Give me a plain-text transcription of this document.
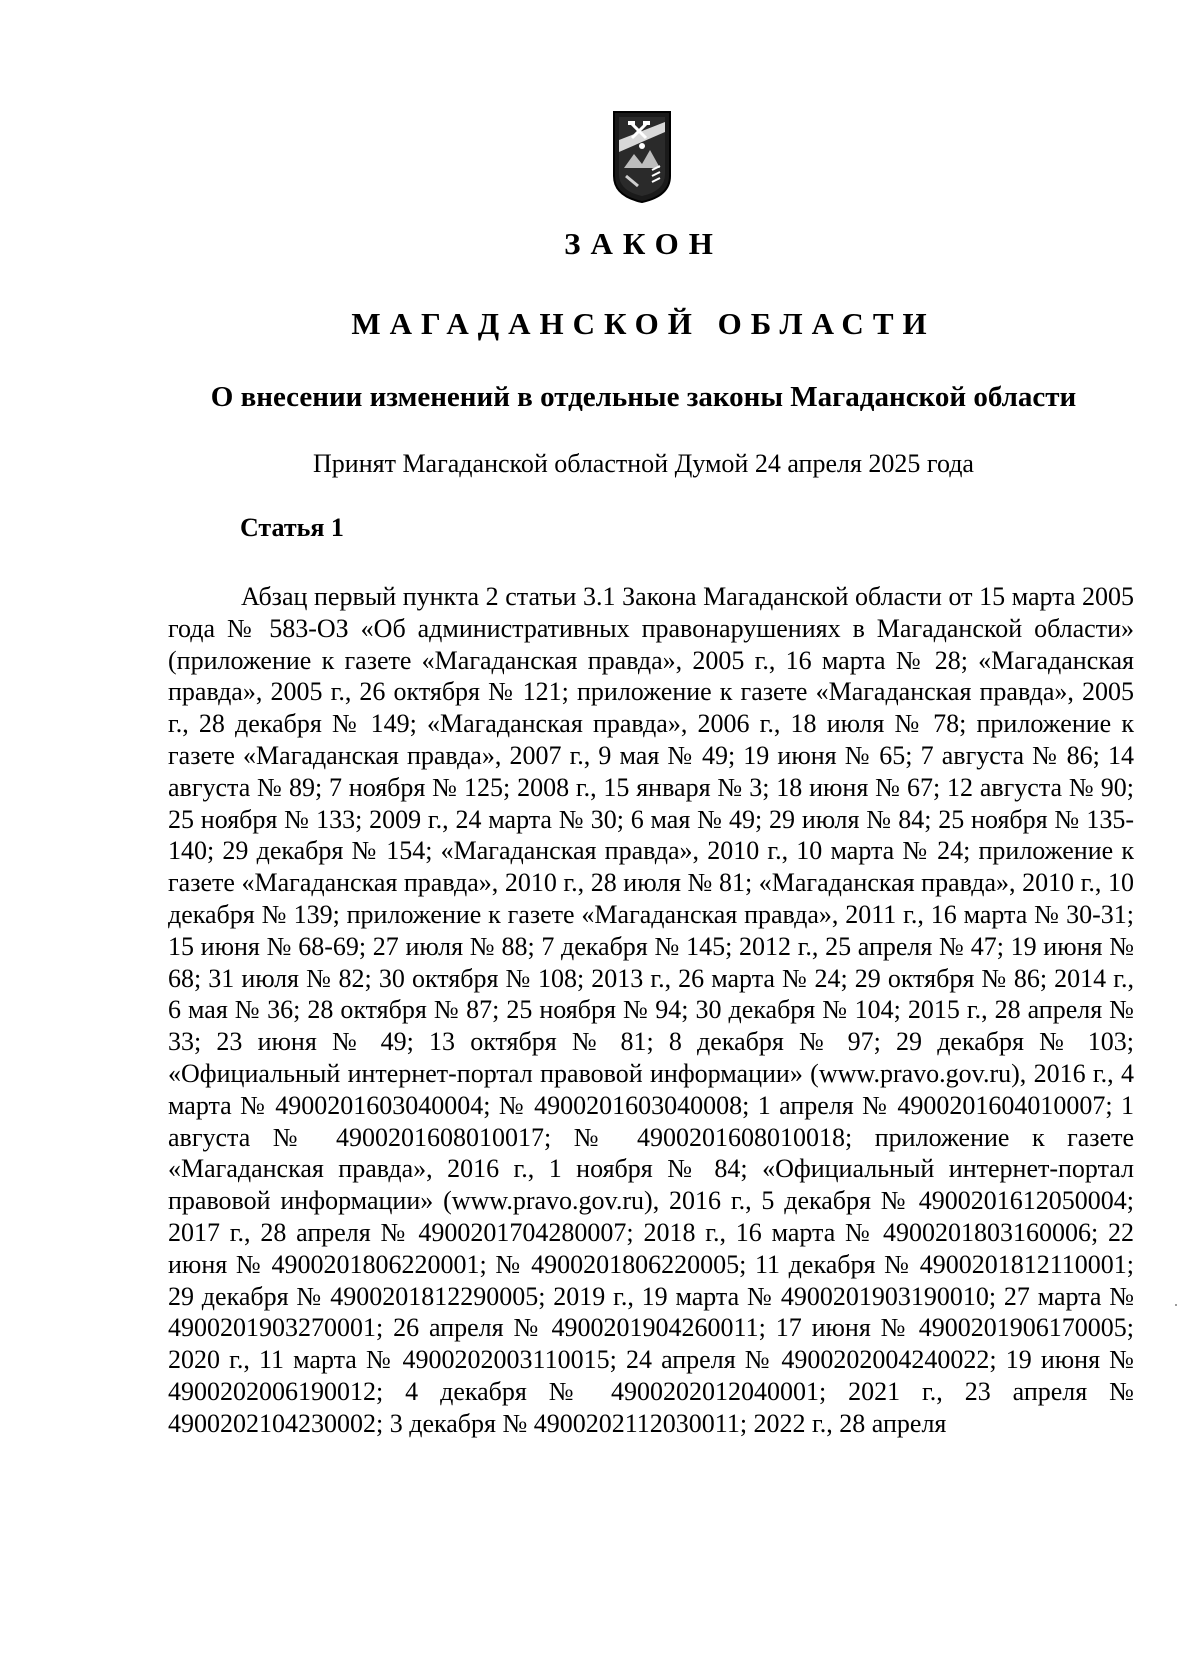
ЗАКОН
МАГАДАНСКОЙ ОБЛАСТИ
О внесении изменений в отдельные законы Магаданской области

Принят Магаданской областной Думой 24 апреля 2025 года

Статья 1

Абзац первый пункта 2 статьи 3.1 Закона Магаданской области от 15 марта 2005 года № 583-ОЗ «Об административных правонарушениях в Магаданской области» (приложение к газете «Магаданская правда», 2005 г., 16 марта № 28; «Магаданская правда», 2005 г., 26 октября № 121; приложение к газете «Магаданская правда», 2005 г., 28 декабря № 149; «Магаданская правда», 2006 г., 18 июля № 78; приложение к газете «Магаданская правда», 2007 г., 9 мая № 49; 19 июня № 65; 7 августа № 86; 14 августа № 89; 7 ноября № 125; 2008 г., 15 января № 3; 18 июня № 67; 12 августа № 90; 25 ноября № 133; 2009 г., 24 марта № 30; 6 мая № 49; 29 июля № 84; 25 ноября № 135-140; 29 декабря № 154; «Магаданская правда», 2010 г., 10 марта № 24; приложение к газете «Магаданская правда», 2010 г., 28 июля № 81; «Магаданская правда», 2010 г., 10 декабря № 139; приложение к газете «Магаданская правда», 2011 г., 16 марта № 30-31; 15 июня № 68-69; 27 июля № 88; 7 декабря № 145; 2012 г., 25 апреля № 47; 19 июня № 68; 31 июля № 82; 30 октября № 108; 2013 г., 26 марта № 24; 29 октября № 86; 2014 г., 6 мая № 36; 28 октября № 87; 25 ноября № 94; 30 декабря № 104; 2015 г., 28 апреля № 33; 23 июня № 49; 13 октября № 81; 8 декабря № 97; 29 декабря № 103; «Официальный интернет-портал правовой информации» (www.pravo.gov.ru), 2016 г., 4 марта № 4900201603040004; № 4900201603040008; 1 апреля № 4900201604010007; 1 августа № 4900201608010017; № 4900201608010018; приложение к газете «Магаданская правда», 2016 г., 1 ноября № 84; «Официальный интернет-портал правовой информации» (www.pravo.gov.ru), 2016 г., 5 декабря № 4900201612050004; 2017 г., 28 апреля № 4900201704280007; 2018 г., 16 марта № 4900201803160006; 22 июня № 4900201806220001; № 4900201806220005; 11 декабря № 4900201812110001; 29 декабря № 4900201812290005; 2019 г., 19 марта № 4900201903190010; 27 марта № 4900201903270001; 26 апреля № 4900201904260011; 17 июня № 4900201906170005; 2020 г., 11 марта № 4900202003110015; 24 апреля № 4900202004240022; 19 июня № 4900202006190012; 4 декабря № 4900202012040001; 2021 г., 23 апреля № 4900202104230002; 3 декабря № 4900202112030011; 2022 г., 28 апреля
